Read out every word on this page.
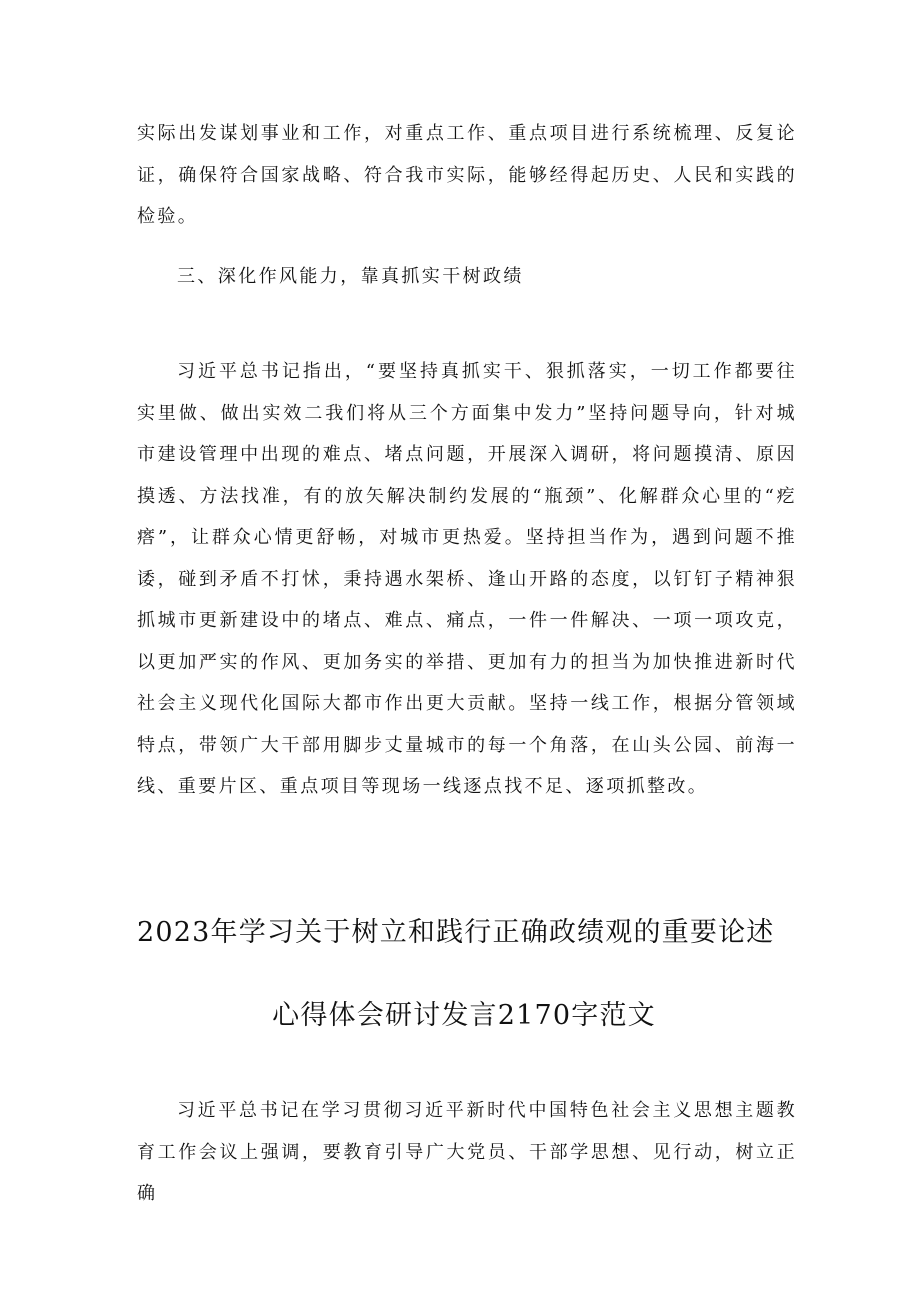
实际出发谋划事业和工作，对重点工作、重点项目进行系统梳理、反复论证，确保符合国家战略、符合我市实际，能够经得起历史、人民和实践的检验。

三、深化作风能力，靠真抓实干树政绩

习近平总书记指出，“要坚持真抓实干、狠抓落实，一切工作都要往实里做、做出实效二我们将从三个方面集中发力”坚持问题导向，针对城市建设管理中出现的难点、堵点问题，开展深入调研，将问题摸清、原因摸透、方法找准，有的放矢解决制约发展的“瓶颈”、化解群众心里的“疙瘩”，让群众心情更舒畅，对城市更热爱。坚持担当作为，遇到问题不推诿，碰到矛盾不打怵，秉持遇水架桥、逢山开路的态度，以钉钉子精神狠抓城市更新建设中的堵点、难点、痛点，一件一件解决、一项一项攻克，以更加严实的作风、更加务实的举措、更加有力的担当为加快推进新时代社会主义现代化国际大都市作出更大贡献。坚持一线工作，根据分管领域特点，带领广大干部用脚步丈量城市的每一个角落，在山头公园、前海一线、重要片区、重点项目等现场一线逐点找不足、逐项抓整改。

2023年学习关于树立和践行正确政绩观的重要论述
心得体会研讨发言2170字范文

习近平总书记在学习贯彻习近平新时代中国特色社会主义思想主题教育工作会议上强调，要教育引导广大党员、干部学思想、见行动，树立正确
